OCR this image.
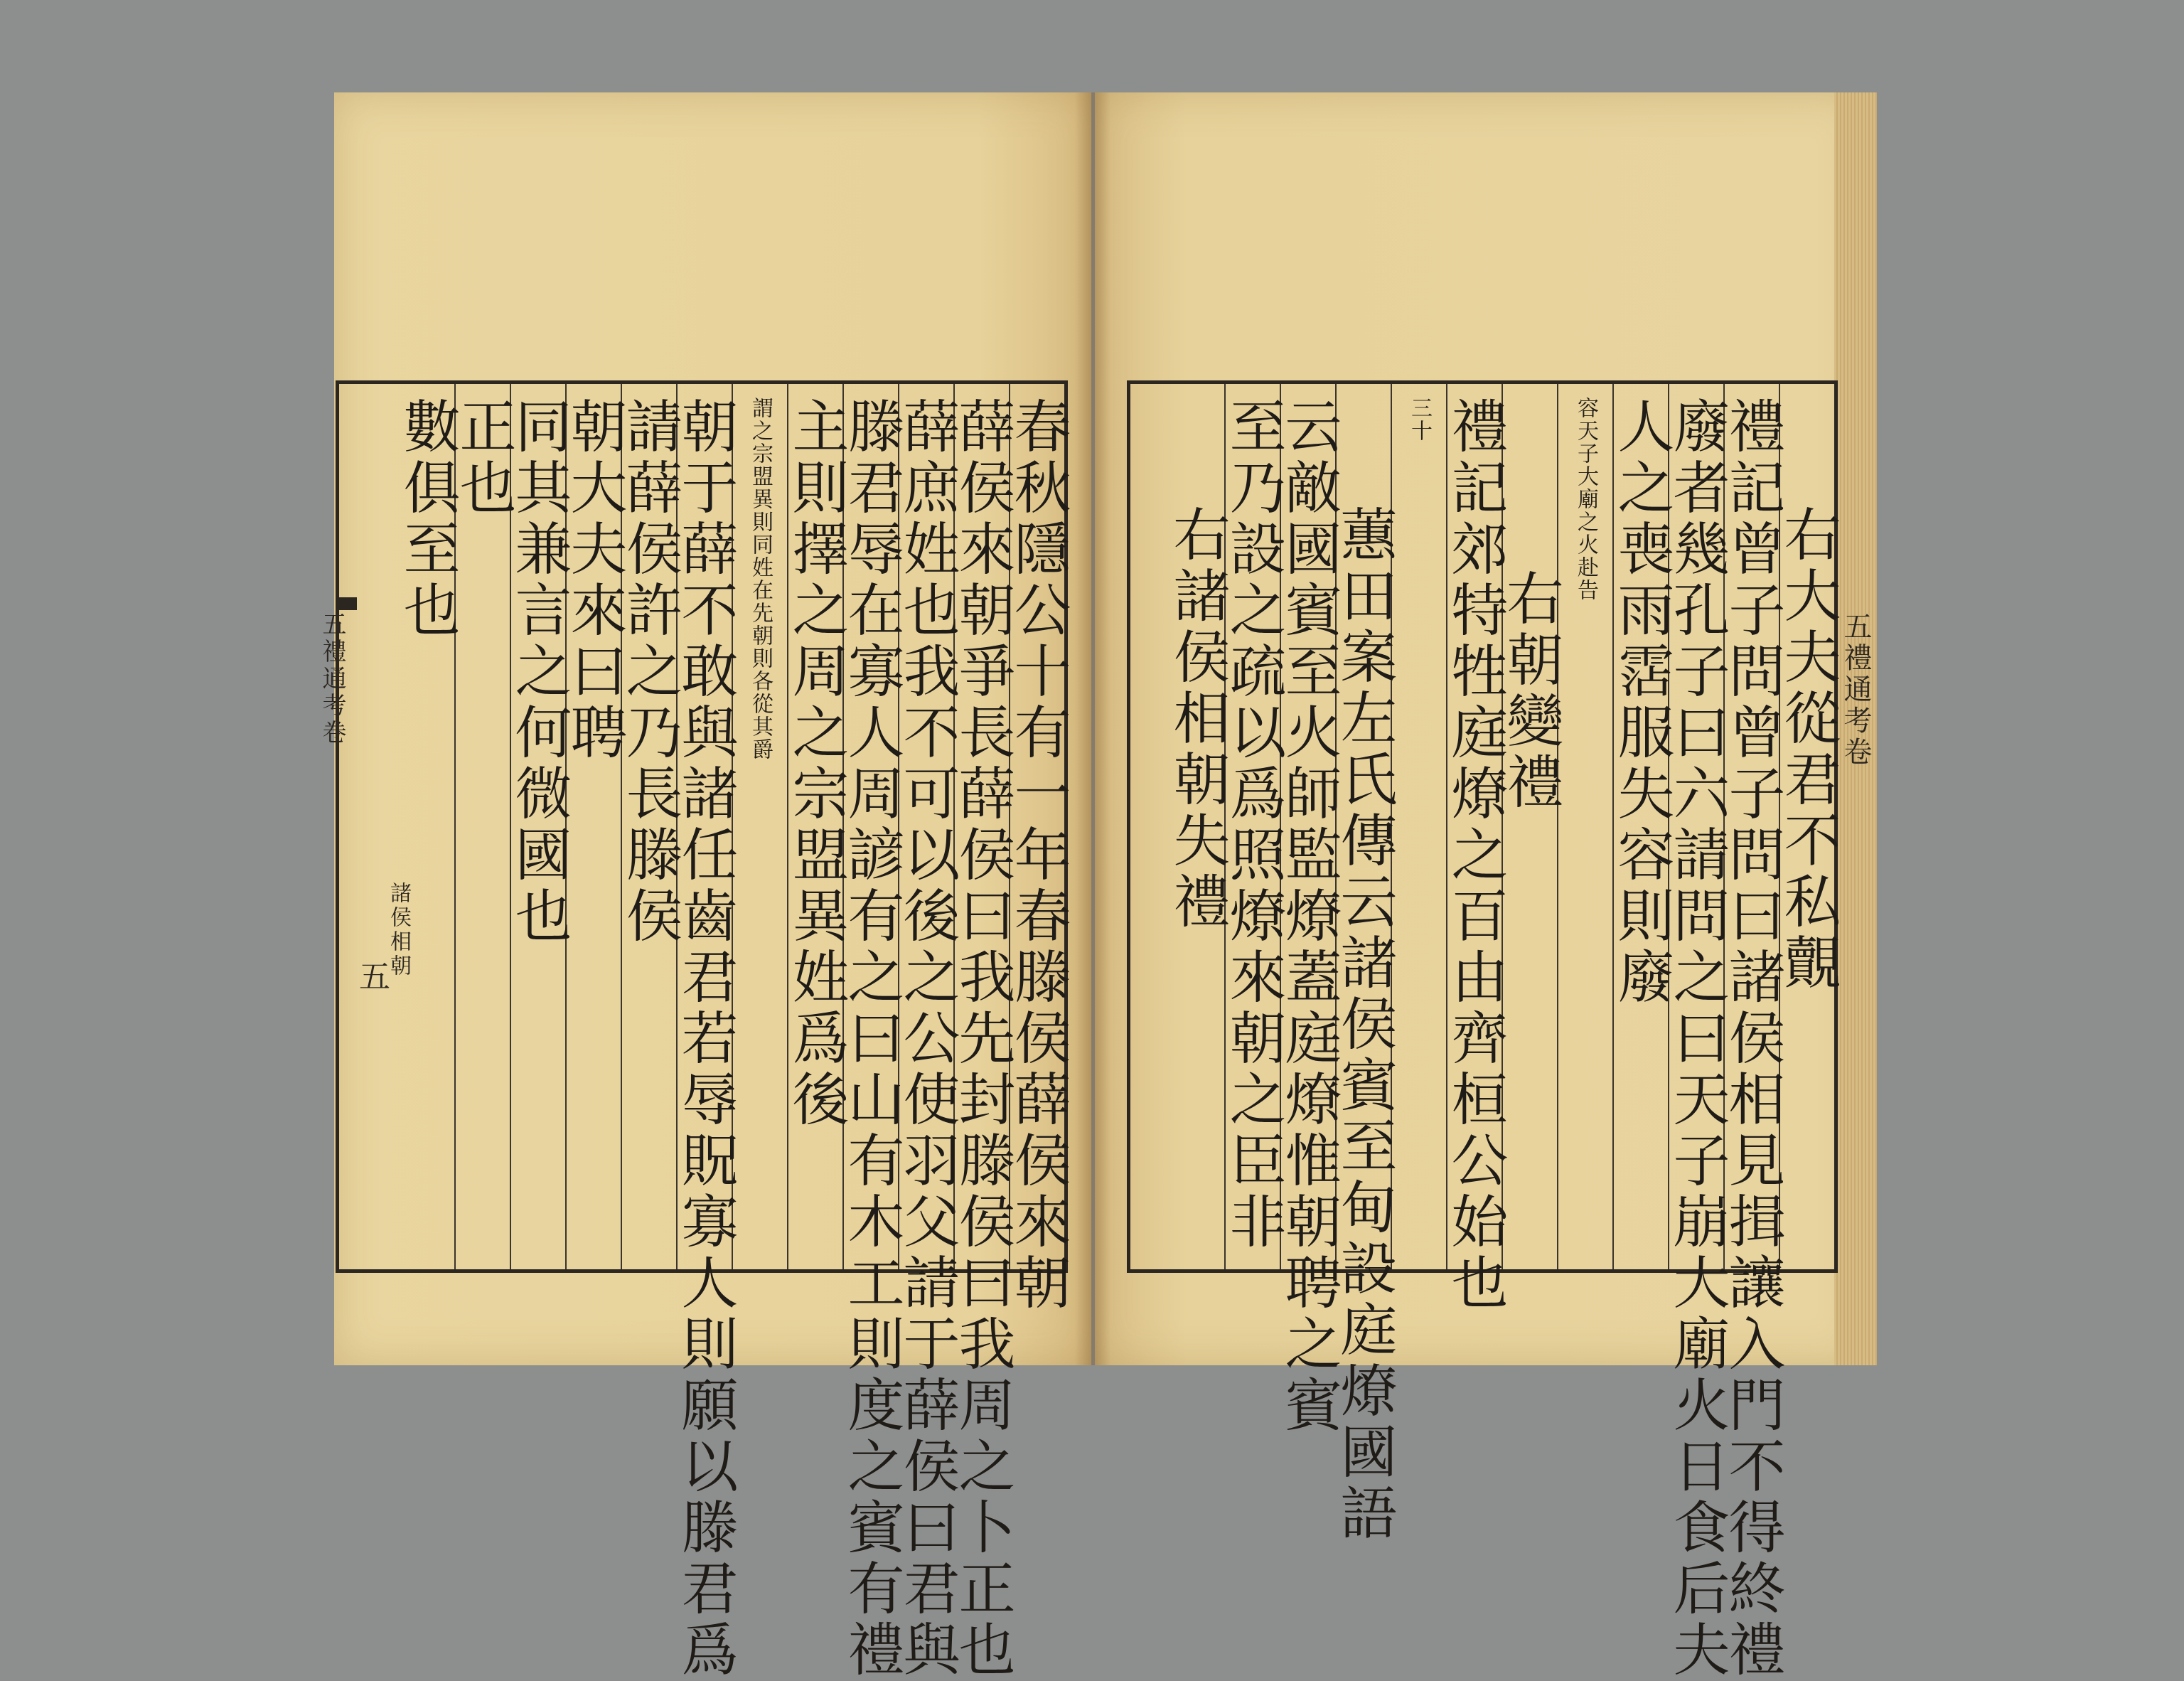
春秋隱公十有一年春滕侯薛侯來朝
薛侯來朝爭長薛侯曰我先封滕侯曰我周之卜正也
薛庶姓也我不可以後之公使羽父請于薛侯曰君與
滕君辱在寡人周諺有之曰山有木工則度之賓有禮
主則擇之周之宗盟異姓爲後
謂之宗盟異則同姓在先朝則各從其爵
朝于薛不敢與諸任齒君若辱貺寡人則願以滕君爲
請薛侯許之乃長滕侯
朝大夫來曰聘
同其兼言之何微國也
正也
數俱至也
五禮通考卷
諸侯相朝
五	右大夫從君不私覿
禮記曾子問曾子問曰諸侯相見揖讓入門不得終禮
廢者幾孔子曰六請問之曰天子崩大廟火日食后夫
人之喪雨霑服失容則廢
容天子大廟之火赴告
右朝變禮
禮記郊特牲庭燎之百由齊桓公始也
三十
蕙田案左氏傳云諸侯賓至甸設庭燎國語
云敵國賓至火師監燎蓋庭燎惟朝聘之賓
至乃設之疏以爲照燎來朝之臣非
右諸侯相朝失禮	五禮通考卷
